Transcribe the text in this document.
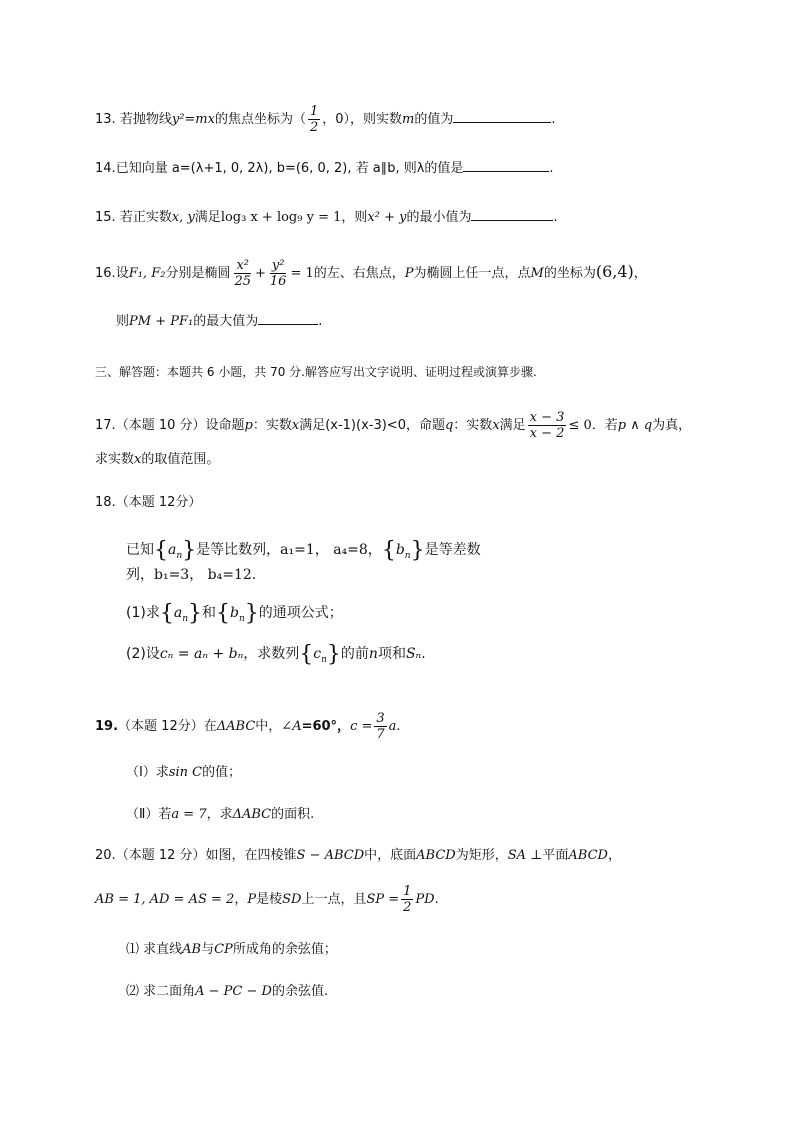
13. 若抛物线y²=mx的焦点坐标为（ $\frac{1}{2}$ ，0），则实数m的值为	.
14.已知向量 a=(λ+1, 0, 2λ), b=(6, 0, 2), 若 a∥b, 则λ的值是	.
15. 若正实数x, y满足log₃ x + log₉ y = 1，则x² + y的最小值为	.
16.设F₁, F₂分别是椭圆 $\frac{\text{x²}}{25} + \frac{\text{y²}}{16} = 1$的左、右焦点，P为椭圆上任一点，点M的坐标为(6,4)，
则PM + PF₁的最大值为	.
三、解答题：本题共 6 小题，共 70 分.解答应写出文字说明、证明过程或演算步骤.
17.（本题 10 分）设命题p：实数x满足(x-1)(x-3)<0，命题q：实数x满足 $\frac{x - 3}{x - 2} \le 0$．若p ∧ q为真，
求实数x的取值范围。
18.（本题 12分）
已知$\{a_n\}$是等比数列，a₁=1， a₄=8，$\{b_n\}$是等差数
列，b₁=3， b₄=12.
(1)求$\{a_n\}$和$\{b_n\}$的通项公式；
(2)设cₙ = aₙ + bₙ，求数列$\{c_n\}$的前n项和Sₙ.
19.（本题 12分）在ΔABC中，∠A=60°，$c = \frac{3}{7} a$.
（Ⅰ）求sin C的值；
（Ⅱ）若a = 7，求ΔABC的面积.
20.（本题 12 分）如图，在四棱锥S − ABCD中，底面ABCD为矩形，SA ⊥平面ABCD，
AB = 1, AD = AS = 2，P是棱SD上一点，且SP = $\frac{1}{2}$ PD.
⑴ 求直线AB与CP所成角的余弦值；
⑵ 求二面角A − PC − D的余弦值.
